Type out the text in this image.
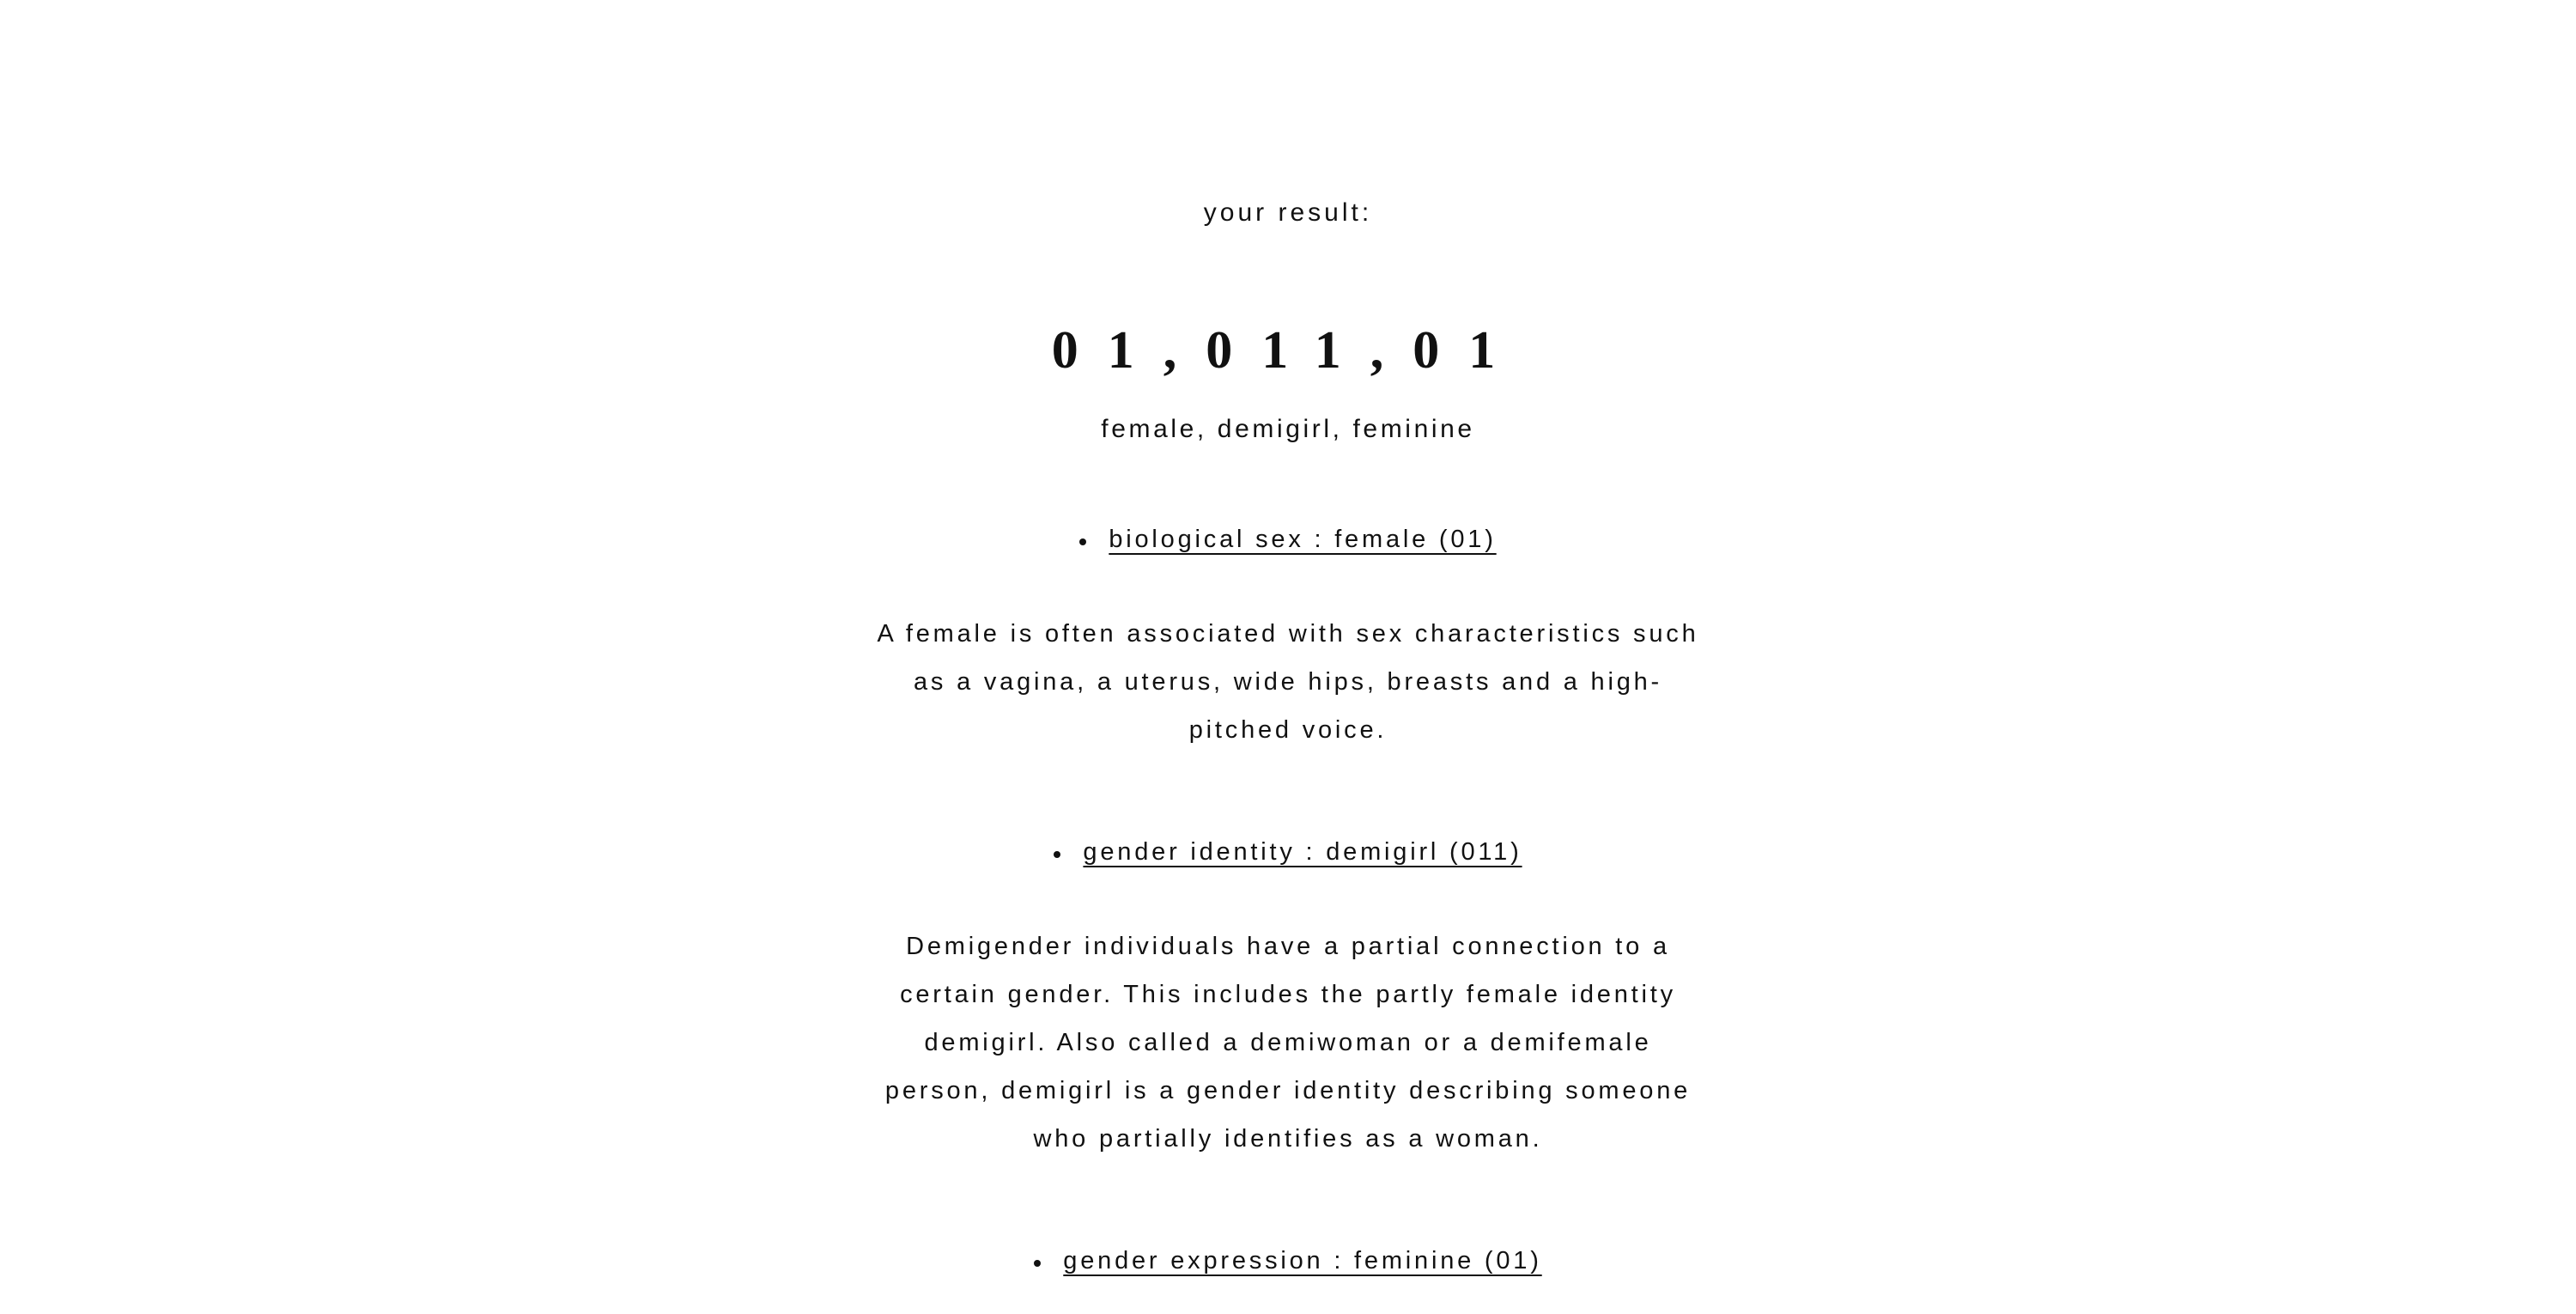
your result:
01,011,01
female, demigirl, feminine
biological sex : female (01)
A female is often associated with sex characteristics such as a vagina, a uterus, wide hips, breasts and a high-pitched voice.
gender identity : demigirl (011)
Demigender individuals have a partial connection to a certain gender. This includes the partly female identity demigirl. Also called a demiwoman or a demifemale person, demigirl is a gender identity describing someone who partially identifies as a woman.
gender expression : feminine (01)
